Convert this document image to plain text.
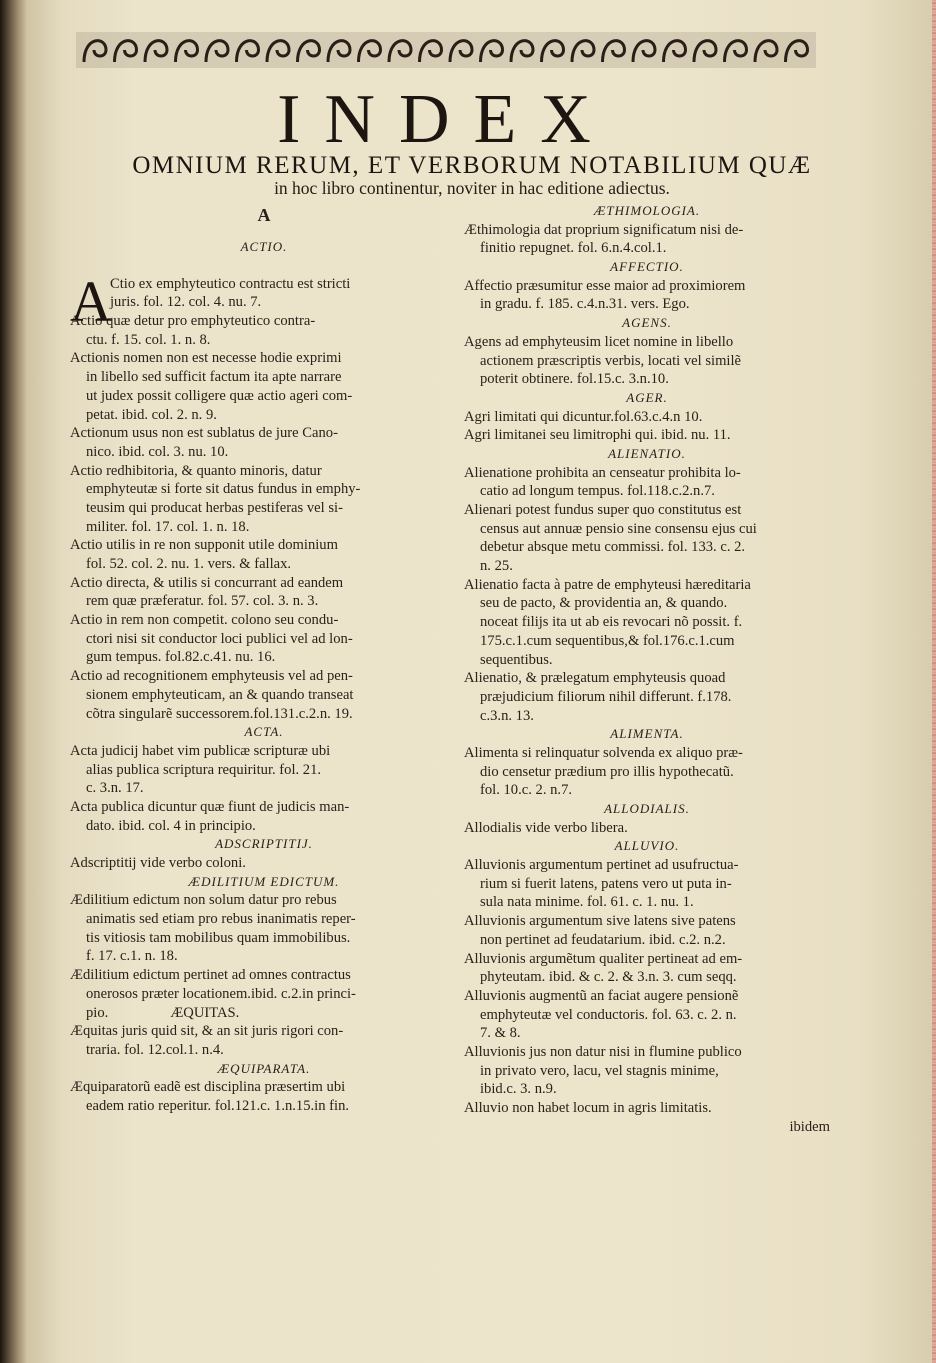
INDEX
OMNIUM RERUM, ET VERBORUM NOTABILIUM QUÆ
in hoc libro continentur, noviter in hac editione adiectus.
A
ACTIO.
A
Ctio ex emphyteutico contractu est stricti
juris. fol. 12. col. 4. nu. 7.
Actio quæ detur pro emphyteutico contra-
ctu. f. 15. col. 1. n. 8.
Actionis nomen non est necesse hodie exprimi
in libello sed sufficit factum ita apte narrare
ut judex possit colligere quæ actio ageri com-
petat. ibid. col. 2. n. 9.
Actionum usus non est sublatus de jure Cano-
nico. ibid. col. 3. nu. 10.
Actio redhibitoria, & quanto minoris, datur
emphyteutæ si forte sit datus fundus in emphy-
teusim qui producat herbas pestiferas vel si-
militer. fol. 17. col. 1. n. 18.
Actio utilis in re non supponit utile dominium
fol. 52. col. 2. nu. 1. vers. & fallax.
Actio directa, & utilis si concurrant ad eandem
rem quæ præferatur. fol. 57. col. 3. n. 3.
Actio in rem non competit. colono seu condu-
ctori nisi sit conductor loci publici vel ad lon-
gum tempus. fol.82.c.41. nu. 16.
Actio ad recognitionem emphyteusis vel ad pen-
sionem emphyteuticam, an & quando transeat
cõtra singularẽ successorem.fol.131.c.2.n. 19.
ACTA.
Acta judicij habet vim publicæ scripturæ ubi
alias publica scriptura requiritur. fol. 21.
c. 3.n. 17.
Acta publica dicuntur quæ fiunt de judicis man-
dato. ibid. col. 4 in principio.
ADSCRIPTITIJ.
Adscriptitij vide verbo coloni.
ÆDILITIUM EDICTUM.
Ædilitium edictum non solum datur pro rebus
animatis sed etiam pro rebus inanimatis reper-
tis vitiosis tam mobilibus quam immobilibus.
f. 17. c.1. n. 18.
Ædilitium edictum pertinet ad omnes contractus
onerosos præter locationem.ibid. c.2.in princi-
pio.                 ÆQUITAS.
Æquitas juris quid sit, & an sit juris rigori con-
traria. fol. 12.col.1. n.4.
ÆQUIPARATA.
Æquiparatorũ eadẽ est disciplina præsertim ubi
eadem ratio reperitur. fol.121.c. 1.n.15.in fin.
ÆTHIMOLOGIA.
Æthimologia dat proprium significatum nisi de-
finitio repugnet. fol. 6.n.4.col.1.
AFFECTIO.
Affectio præsumitur esse maior ad proximiorem
in gradu. f. 185. c.4.n.31. vers. Ego.
AGENS.
Agens ad emphyteusim licet nomine in libello
actionem præscriptis verbis, locati vel similẽ
poterit obtinere. fol.15.c. 3.n.10.
AGER.
Agri limitati qui dicuntur.fol.63.c.4.n 10.
Agri limitanei seu limitrophi qui. ibid. nu. 11.
ALIENATIO.
Alienatione prohibita an censeatur prohibita lo-
catio ad longum tempus. fol.118.c.2.n.7.
Alienari potest fundus super quo constitutus est
census aut annuæ pensio sine consensu ejus cui
debetur absque metu commissi. fol. 133. c. 2.
n. 25.
Alienatio facta à patre de emphyteusi hæreditaria
seu de pacto, & providentia an, & quando.
noceat filijs ita ut ab eis revocari nõ possit. f.
175.c.1.cum sequentibus,& fol.176.c.1.cum
sequentibus.
Alienatio, & prælegatum emphyteusis quoad
præjudicium filiorum nihil differunt. f.178.
c.3.n. 13.
ALIMENTA.
Alimenta si relinquatur solvenda ex aliquo præ-
dio censetur prædium pro illis hypothecatũ.
fol. 10.c. 2. n.7.
ALLODIALIS.
Allodialis vide verbo libera.
ALLUVIO.
Alluvionis argumentum pertinet ad usufructua-
rium si fuerit latens, patens vero ut puta in-
sula nata minime. fol. 61. c. 1. nu. 1.
Alluvionis argumentum sive latens sive patens
non pertinet ad feudatarium. ibid. c.2. n.2.
Alluvionis argumẽtum qualiter pertineat ad em-
phyteutam. ibid. & c. 2. & 3.n. 3. cum seqq.
Alluvionis augmentũ an faciat augere pensionẽ
emphyteutæ vel conductoris. fol. 63. c. 2. n.
7. & 8.
Alluvionis jus non datur nisi in flumine publico
in privato vero, lacu, vel stagnis minime,
ibid.c. 3. n.9.
Alluvio non habet locum in agris limitatis.
ibidem
